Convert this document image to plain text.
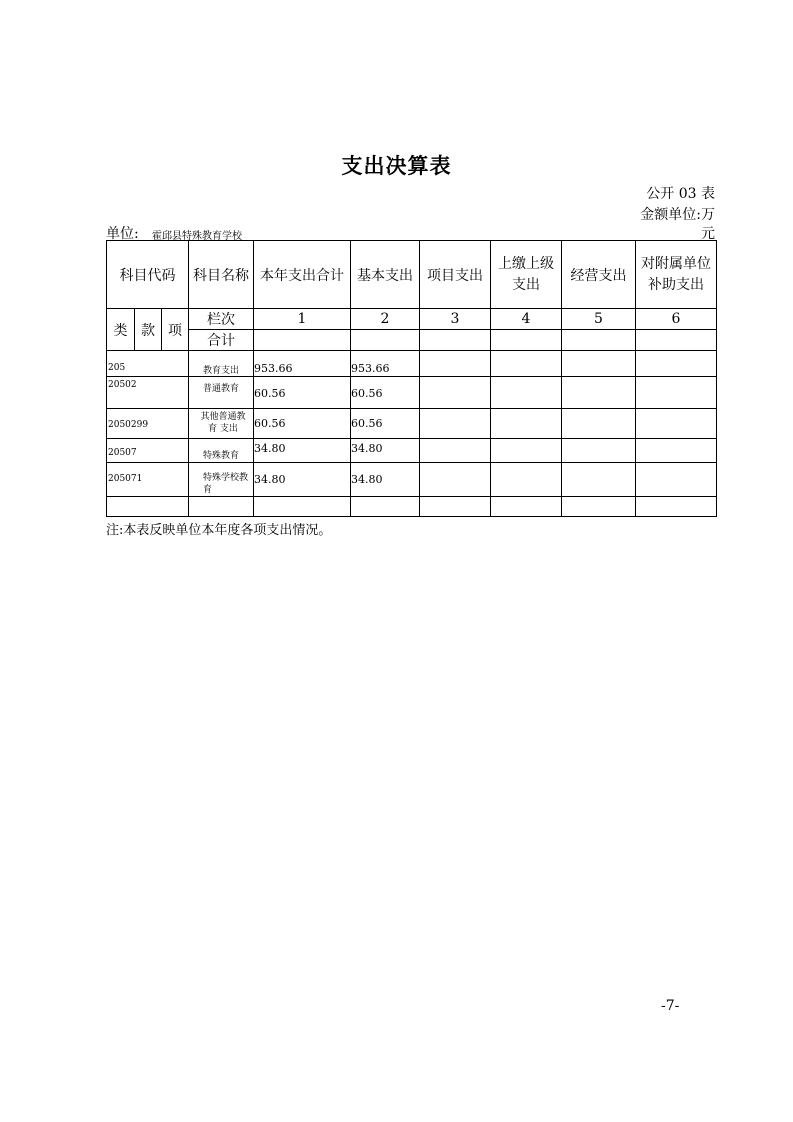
支出决算表
公开 03 表
金额单位:万
元
单位: 霍邱县特殊教育学校
科目代码			科目名称	本年支出合计	基本支出	项目支出	上缴上级支出	经营支出	对附属单位补助支出
类	款	项	栏次	1	2	3	4	5	6
			合计						
205			教育支出	953.66	953.66				
20502			普通教育	60.56	60.56				
2050299			其他普通教育 支出	60.56	60.56				
20507			特殊教育	34.80	34.80				
205071			特殊学校教育	34.80	34.80				

注:本表反映单位本年度各项支出情况。
-7-
